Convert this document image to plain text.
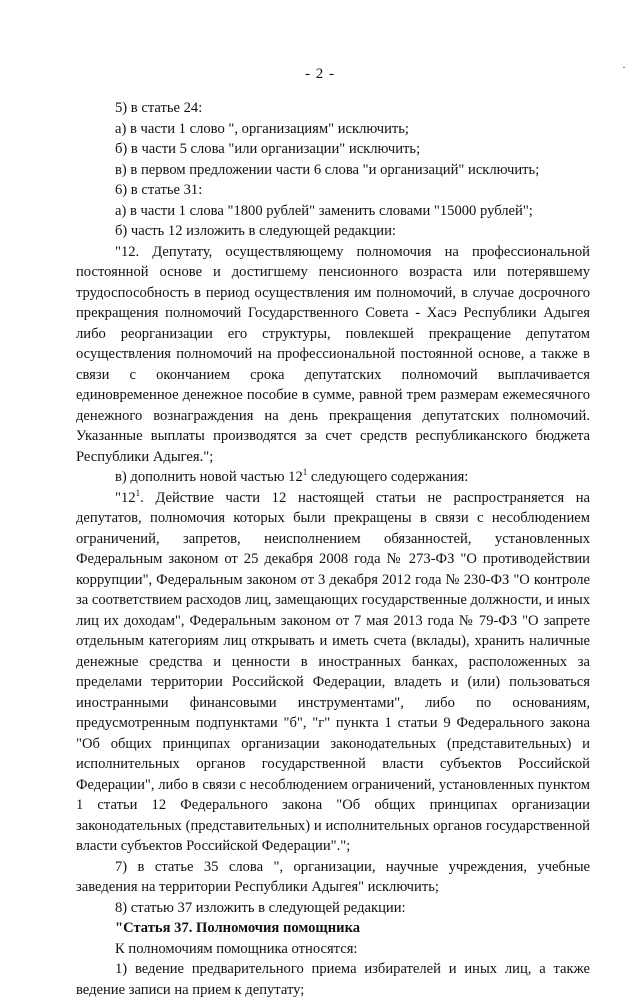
·
- 2 -

5) в статье 24:

а) в части 1 слово ", организациям" исключить;

б) в части 5 слова "или организации" исключить;

в) в первом предложении части 6 слова "и организаций" исключить;

6) в статье 31:

а) в части 1 слова "1800 рублей" заменить словами "15000 рублей";

б) часть 12 изложить в следующей редакции:

"12. Депутату, осуществляющему полномочия на профессиональной постоянной основе и достигшему пенсионного возраста или потерявшему трудоспособность в период осуществления им полномочий, в случае досрочного прекращения полномочий Государственного Совета - Хасэ Республики Адыгея либо реорганизации его структуры, повлекшей прекращение депутатом осуществления полномочий на профессиональной постоянной основе, а также в связи с окончанием срока депутатских полномочий выплачивается единовременное денежное пособие в сумме, равной трем размерам ежемесячного денежного вознаграждения на день прекращения депутатских полномочий. Указанные выплаты производятся за счет средств республиканского бюджета Республики Адыгея.";

в) дополнить новой частью $12^1$ следующего содержания:

"$12^1$. Действие части 12 настоящей статьи не распространяется на депутатов, полномочия которых были прекращены в связи с несоблюдением ограничений, запретов, неисполнением обязанностей, установленных Федеральным законом от 25 декабря 2008 года № 273-ФЗ "О противодействии коррупции", Федеральным законом от 3 декабря 2012 года № 230-ФЗ "О контроле за соответствием расходов лиц, замещающих государственные должности, и иных лиц их доходам", Федеральным законом от 7 мая 2013 года № 79-ФЗ "О запрете отдельным категориям лиц открывать и иметь счета (вклады), хранить наличные денежные средства и ценности в иностранных банках, расположенных за пределами территории Российской Федерации, владеть и (или) пользоваться иностранными финансовыми инструментами", либо по основаниям, предусмотренным подпунктами "б", "г" пункта 1 статьи 9 Федерального закона "Об общих принципах организации законодательных (представительных) и исполнительных органов государственной власти субъектов Российской Федерации", либо в связи с несоблюдением ограничений, установленных пунктом 1 статьи 12 Федерального закона "Об общих принципах организации законодательных (представительных) и исполнительных органов государственной власти субъектов Российской Федерации".";

7) в статье 35 слова ", организации, научные учреждения, учебные заведения на территории Республики Адыгея" исключить;

8) статью 37 изложить в следующей редакции:

"Статья 37. Полномочия помощника

К полномочиям помощника относятся:

1) ведение предварительного приема избирателей и иных лиц, а также ведение записи на прием к депутату;
